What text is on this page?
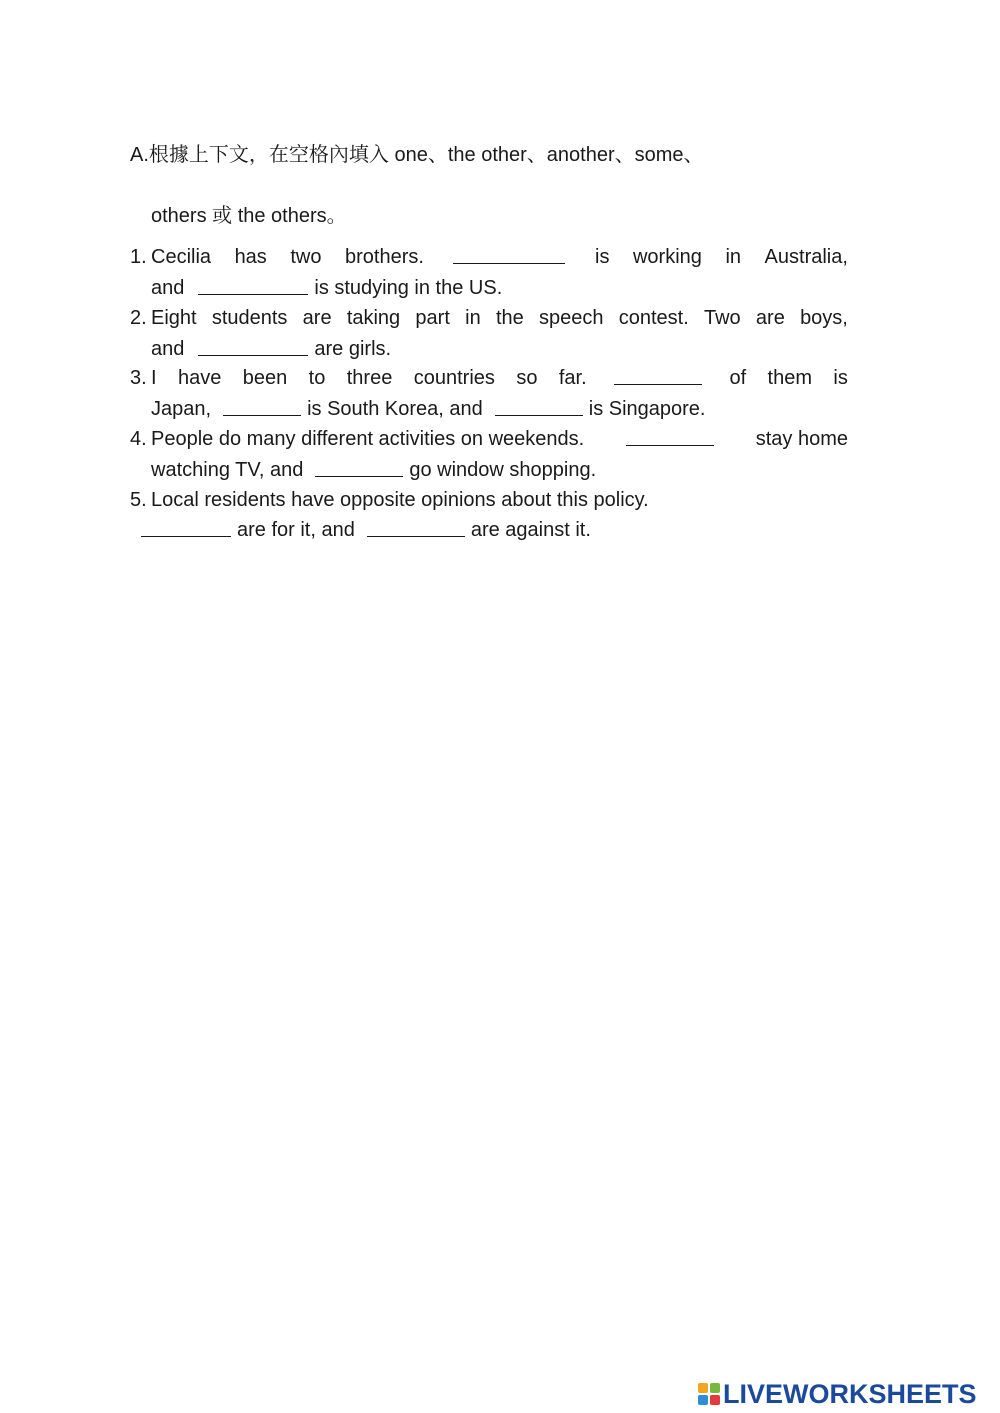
A.根據上下文，在空格內填入 one、the other、another、some、
others 或 the others。
1. Cecilia has two brothers.	is working in Australia,
and	is studying in the US.
2. Eight students are taking part in the speech contest. Two are boys,
and	are girls.
3. I have been to three countries so far.	of them is
Japan,	is South Korea, and	is Singapore.
4. People do many different activities on weekends.	stay home
watching TV, and	go window shopping.
5. Local residents have opposite opinions about this policy.
are for it, and	are against it.
LIVEWORKSHEETS
